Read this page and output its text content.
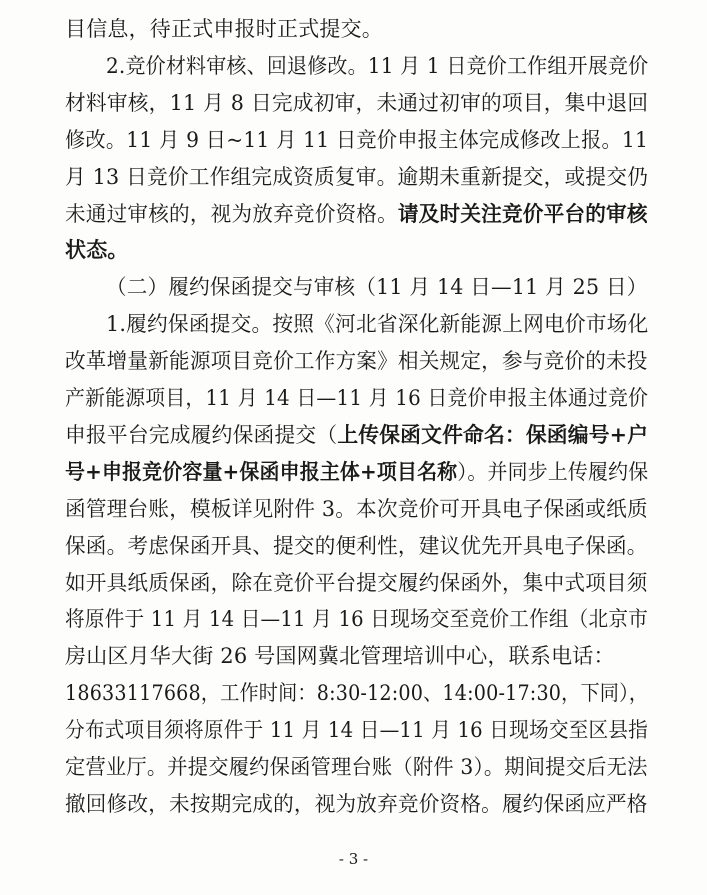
目信息，待正式申报时正式提交。
2.竞价材料审核、回退修改。11 月 1 日竞价工作组开展竞价
材料审核，11 月 8 日完成初审，未通过初审的项目，集中退回
修改。11 月 9 日~11 月 11 日竞价申报主体完成修改上报。11
月 13 日竞价工作组完成资质复审。逾期未重新提交，或提交仍
未通过审核的，视为放弃竞价资格。请及时关注竞价平台的审核
状态。
（二）履约保函提交与审核（11 月 14 日—11 月 25 日）
1.履约保函提交。按照《河北省深化新能源上网电价市场化
改革增量新能源项目竞价工作方案》相关规定，参与竞价的未投
产新能源项目，11 月 14 日—11 月 16 日竞价申报主体通过竞价
申报平台完成履约保函提交（上传保函文件命名：保函编号+户
号+申报竞价容量+保函申报主体+项目名称）。并同步上传履约保
函管理台账，模板详见附件 3。本次竞价可开具电子保函或纸质
保函。考虑保函开具、提交的便利性，建议优先开具电子保函。
如开具纸质保函，除在竞价平台提交履约保函外，集中式项目须
将原件于 11 月 14 日—11 月 16 日现场交至竞价工作组（北京市
房山区月华大街 26 号国网冀北管理培训中心，联系电话：
18633117668，工作时间：8:30-12:00、14:00-17:30，下同），
分布式项目须将原件于 11 月 14 日—11 月 16 日现场交至区县指
定营业厅。并提交履约保函管理台账（附件 3）。期间提交后无法
撤回修改，未按期完成的，视为放弃竞价资格。履约保函应严格
- 3 -
